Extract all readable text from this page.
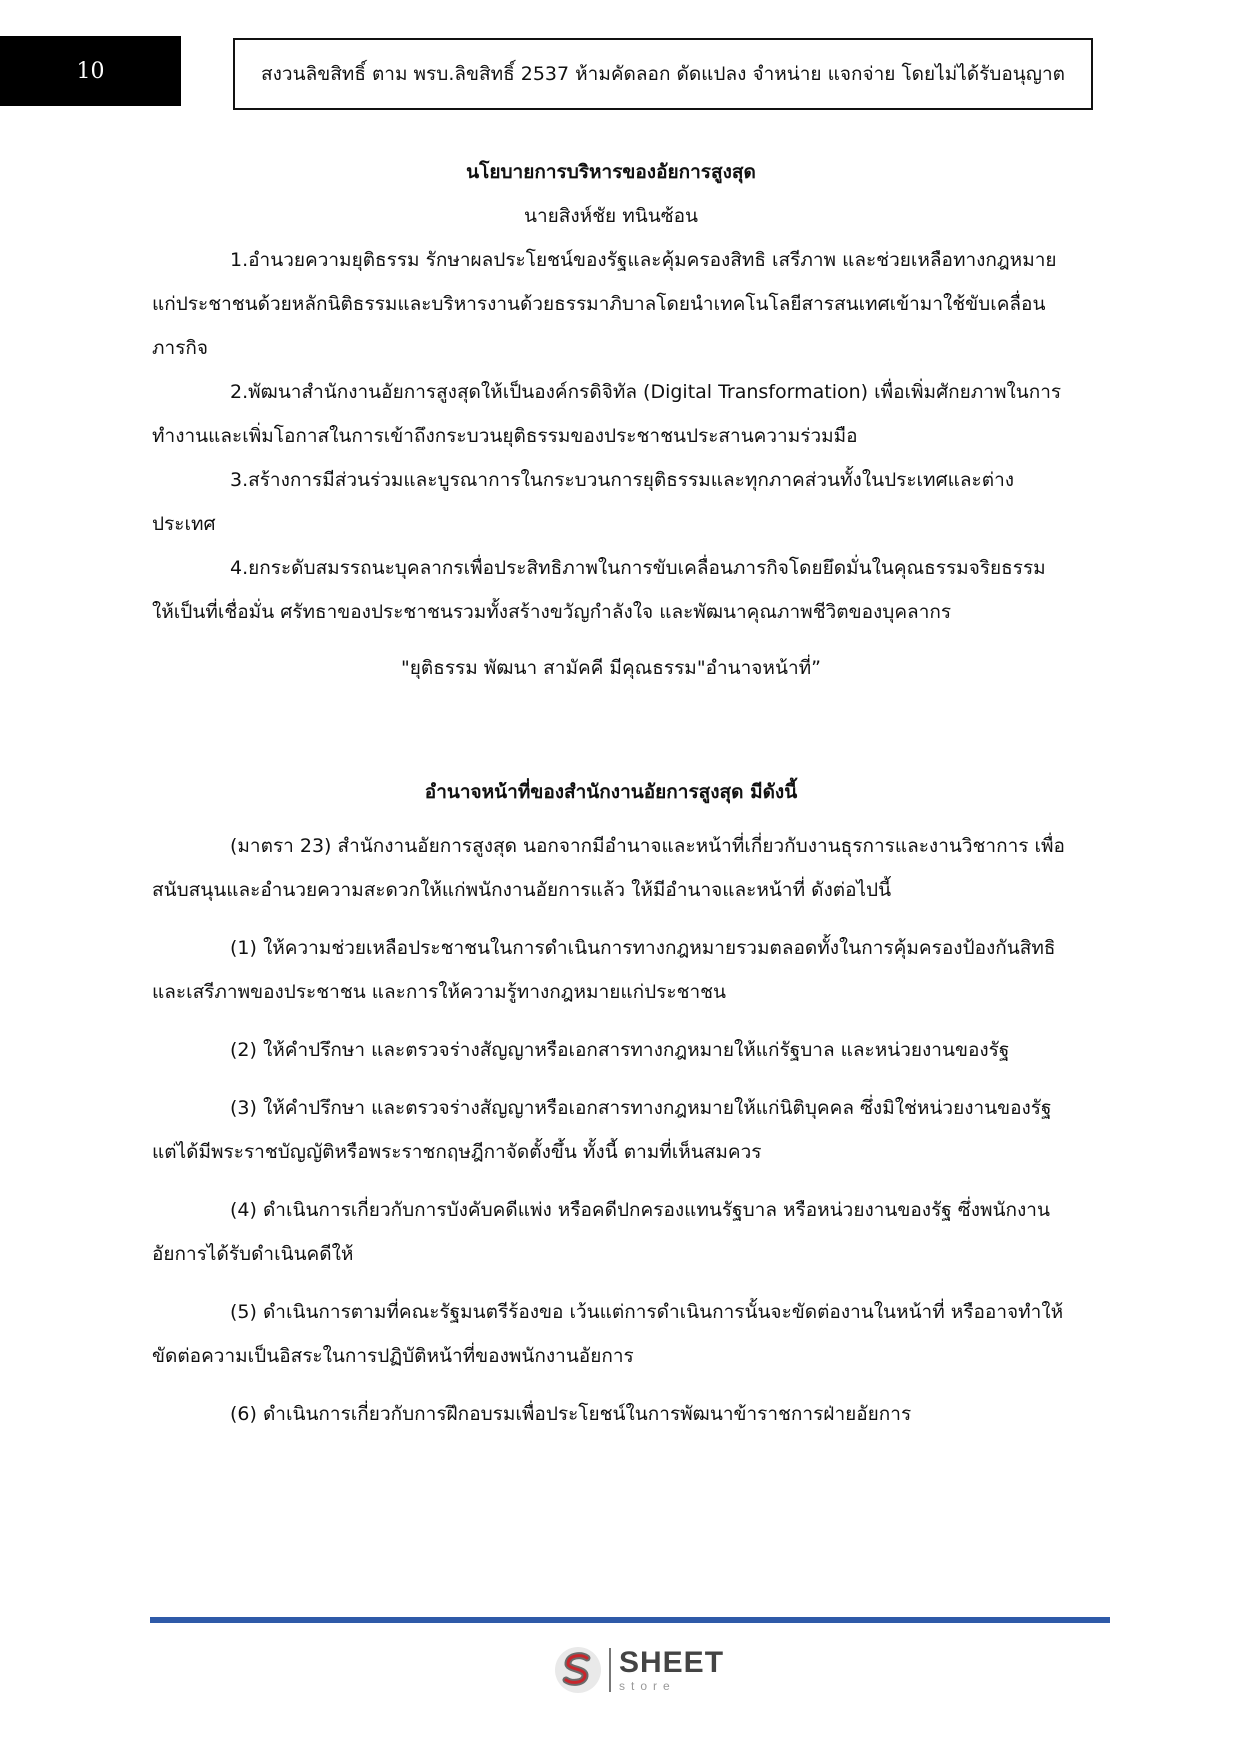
10	สงวนลิขสิทธิ์ ตาม พรบ.ลิขสิทธิ์ 2537 ห้ามคัดลอก ดัดแปลง จำหน่าย แจกจ่าย โดยไม่ได้รับอนุญาต

นโยบายการบริหารของอัยการสูงสุด

นายสิงห์ชัย ทนินซ้อน

1.อำนวยความยุติธรรม รักษาผลประโยชน์ของรัฐและคุ้มครองสิทธิ เสรีภาพ และช่วยเหลือทางกฎหมายแก่ประชาชนด้วยหลักนิติธรรมและบริหารงานด้วยธรรมาภิบาลโดยนำเทคโนโลยีสารสนเทศเข้ามาใช้ขับเคลื่อนภารกิจ

2.พัฒนาสำนักงานอัยการสูงสุดให้เป็นองค์กรดิจิทัล (Digital Transformation) เพื่อเพิ่มศักยภาพในการทำงานและเพิ่มโอกาสในการเข้าถึงกระบวนยุติธรรมของประชาชนประสานความร่วมมือ

3.สร้างการมีส่วนร่วมและบูรณาการในกระบวนการยุติธรรมและทุกภาคส่วนทั้งในประเทศและต่างประเทศ

4.ยกระดับสมรรถนะบุคลากรเพื่อประสิทธิภาพในการขับเคลื่อนภารกิจโดยยึดมั่นในคุณธรรมจริยธรรม

ให้เป็นที่เชื่อมั่น ศรัทธาของประชาชนรวมทั้งสร้างขวัญกำลังใจ และพัฒนาคุณภาพชีวิตของบุคลากร

"ยุติธรรม พัฒนา สามัคคี มีคุณธรรม"อำนาจหน้าที่”

อำนาจหน้าที่ของสำนักงานอัยการสูงสุด มีดังนี้

(มาตรา 23) สำนักงานอัยการสูงสุด นอกจากมีอำนาจและหน้าที่เกี่ยวกับงานธุรการและงานวิชาการ เพื่อสนับสนุนและอำนวยความสะดวกให้แก่พนักงานอัยการแล้ว ให้มีอำนาจและหน้าที่ ดังต่อไปนี้

(1) ให้ความช่วยเหลือประชาชนในการดำเนินการทางกฎหมายรวมตลอดทั้งในการคุ้มครองป้องกันสิทธิและเสรีภาพของประชาชน และการให้ความรู้ทางกฎหมายแก่ประชาชน

(2) ให้คำปรึกษา และตรวจร่างสัญญาหรือเอกสารทางกฎหมายให้แก่รัฐบาล และหน่วยงานของรัฐ

(3) ให้คำปรึกษา และตรวจร่างสัญญาหรือเอกสารทางกฎหมายให้แก่นิติบุคคล ซึ่งมิใช่หน่วยงานของรัฐแต่ได้มีพระราชบัญญัติหรือพระราชกฤษฎีกาจัดตั้งขึ้น ทั้งนี้ ตามที่เห็นสมควร

(4) ดำเนินการเกี่ยวกับการบังคับคดีแพ่ง หรือคดีปกครองแทนรัฐบาล หรือหน่วยงานของรัฐ ซึ่งพนักงานอัยการได้รับดำเนินคดีให้

(5) ดำเนินการตามที่คณะรัฐมนตรีร้องขอ เว้นแต่การดำเนินการนั้นจะขัดต่องานในหน้าที่ หรืออาจทำให้ขัดต่อความเป็นอิสระในการปฏิบัติหน้าที่ของพนักงานอัยการ

(6) ดำเนินการเกี่ยวกับการฝึกอบรมเพื่อประโยชน์ในการพัฒนาข้าราชการฝ่ายอัยการ

SHEET
store
